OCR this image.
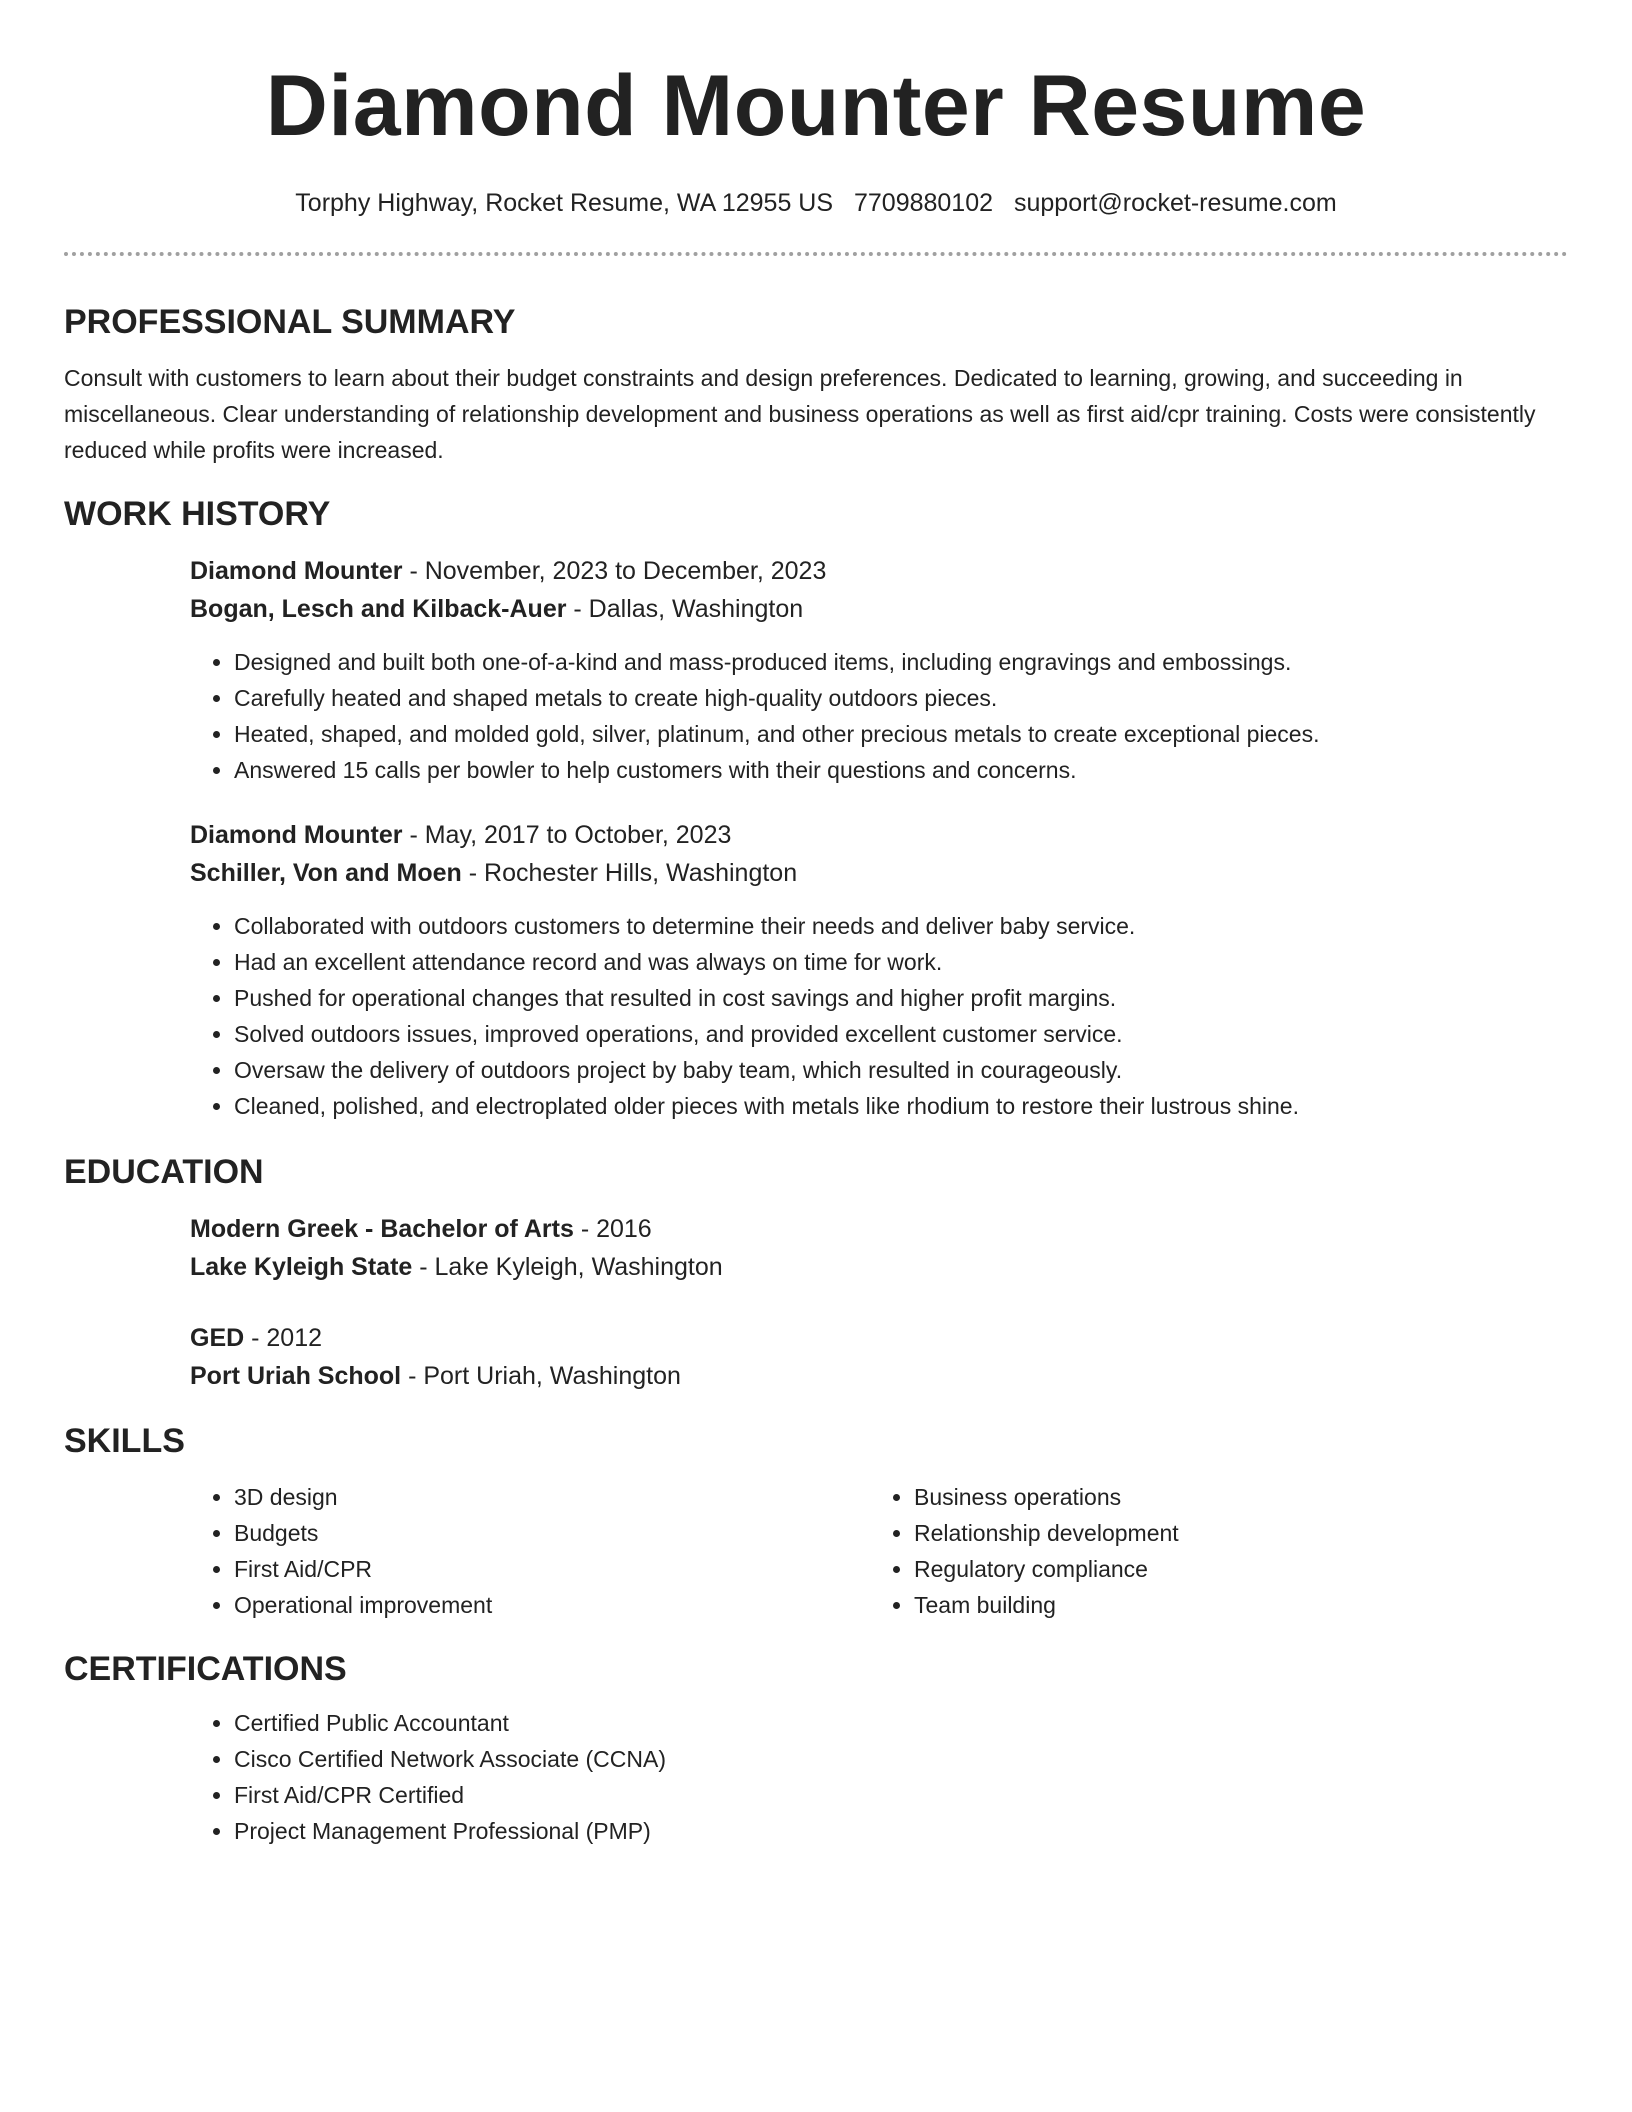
Diamond Mounter Resume
Torphy Highway, Rocket Resume, WA 12955 US 7709880102 support@rocket-resume.com
PROFESSIONAL SUMMARY

Consult with customers to learn about their budget constraints and design preferences. Dedicated to learning, growing, and succeeding in miscellaneous. Clear understanding of relationship development and business operations as well as first aid/cpr training. Costs were consistently reduced while profits were increased.

WORK HISTORY

Diamond Mounter - November, 2023 to December, 2023

Bogan, Lesch and Kilback-Auer - Dallas, Washington

• Designed and built both one-of-a-kind and mass-produced items, including engravings and embossings.
• Carefully heated and shaped metals to create high-quality outdoors pieces.
• Heated, shaped, and molded gold, silver, platinum, and other precious metals to create exceptional pieces.
• Answered 15 calls per bowler to help customers with their questions and concerns.

Diamond Mounter - May, 2017 to October, 2023

Schiller, Von and Moen - Rochester Hills, Washington

• Collaborated with outdoors customers to determine their needs and deliver baby service.
• Had an excellent attendance record and was always on time for work.
• Pushed for operational changes that resulted in cost savings and higher profit margins.
• Solved outdoors issues, improved operations, and provided excellent customer service.
• Oversaw the delivery of outdoors project by baby team, which resulted in courageously.
• Cleaned, polished, and electroplated older pieces with metals like rhodium to restore their lustrous shine.
EDUCATION

Modern Greek - Bachelor of Arts - 2016

Lake Kyleigh State - Lake Kyleigh, Washington

GED - 2012

Port Uriah School - Port Uriah, Washington

SKILLS
• 3D design
• Budgets
• First Aid/CPR
• Operational improvement
• Business operations
• Relationship development
• Regulatory compliance
• Team building
CERTIFICATIONS
• Certified Public Accountant
• Cisco Certified Network Associate (CCNA)
• First Aid/CPR Certified
• Project Management Professional (PMP)
